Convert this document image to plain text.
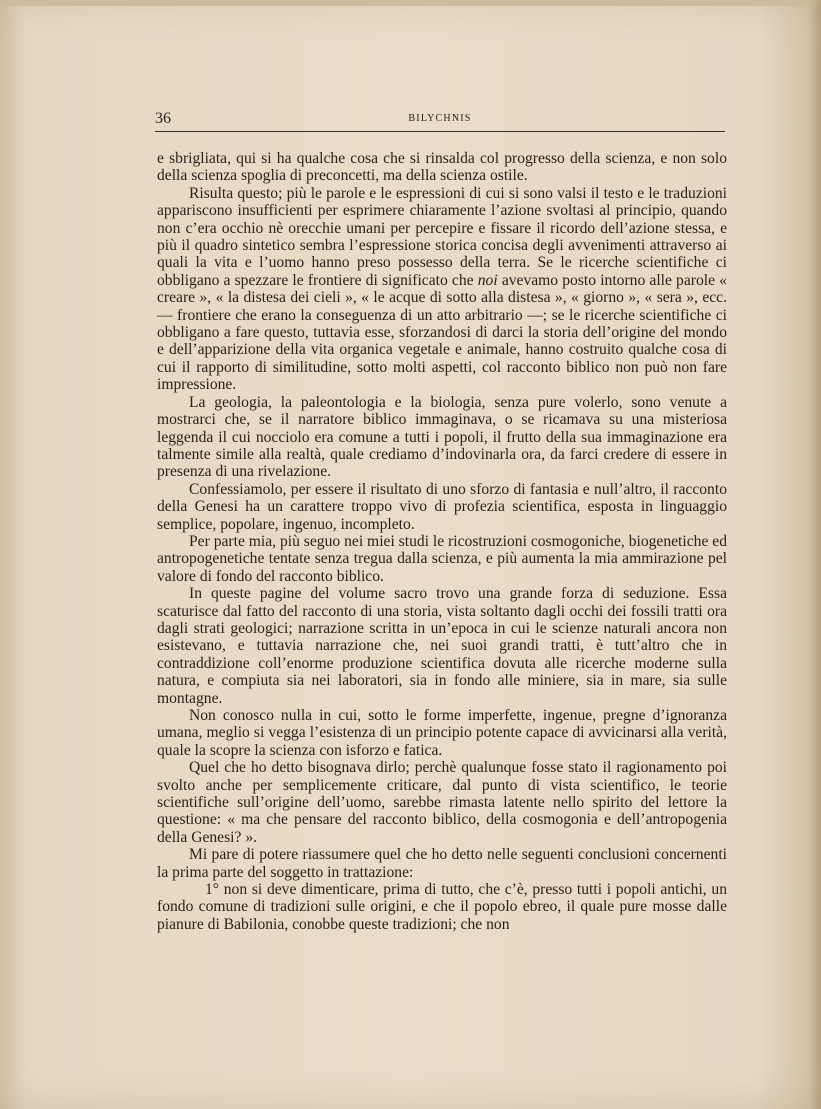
36	BILYCHNIS

e sbrigliata, qui si ha qualche cosa che si rinsalda col progresso della scienza, e non solo della scienza spoglia di preconcetti, ma della scienza ostile.

Risulta questo; più le parole e le espressioni di cui si sono valsi il testo e le traduzioni appariscono insufficienti per esprimere chiaramente l’azione svoltasi al principio, quando non c’era occhio nè orecchie umani per percepire e fissare il ricordo dell’azione stessa, e più il quadro sintetico sembra l’espressione storica concisa degli avvenimenti attraverso ai quali la vita e l’uomo hanno preso possesso della terra. Se le ricerche scientifiche ci obbligano a spezzare le frontiere di significato che noi avevamo posto intorno alle parole « creare », « la distesa dei cieli », « le acque di sotto alla distesa », « giorno », « sera », ecc. — frontiere che erano la conseguenza di un atto arbitrario —; se le ricerche scientifiche ci obbligano a fare questo, tuttavia esse, sforzandosi di darci la storia dell’origine del mondo e dell’apparizione della vita organica vegetale e animale, hanno costruito qualche cosa di cui il rapporto di similitudine, sotto molti aspetti, col racconto biblico non può non fare impressione.

La geologia, la paleontologia e la biologia, senza pure volerlo, sono venute a mostrarci che, se il narratore biblico immaginava, o se ricamava su una misteriosa leggenda il cui nocciolo era comune a tutti i popoli, il frutto della sua immaginazione era talmente simile alla realtà, quale crediamo d’indovinarla ora, da farci credere di essere in presenza di una rivelazione.

Confessiamolo, per essere il risultato di uno sforzo di fantasia e null’altro, il racconto della Genesi ha un carattere troppo vivo di profezia scientifica, esposta in linguaggio semplice, popolare, ingenuo, incompleto.

Per parte mia, più seguo nei miei studi le ricostruzioni cosmogoniche, biogenetiche ed antropogenetiche tentate senza tregua dalla scienza, e più aumenta la mia ammirazione pel valore di fondo del racconto biblico.

In queste pagine del volume sacro trovo una grande forza di seduzione. Essa scaturisce dal fatto del racconto di una storia, vista soltanto dagli occhi dei fossili tratti ora dagli strati geologici; narrazione scritta in un’epoca in cui le scienze naturali ancora non esistevano, e tuttavia narrazione che, nei suoi grandi tratti, è tutt’altro che in contraddizione coll’enorme produzione scientifica dovuta alle ricerche moderne sulla natura, e compiuta sia nei laboratori, sia in fondo alle miniere, sia in mare, sia sulle montagne.

Non conosco nulla in cui, sotto le forme imperfette, ingenue, pregne d’ignoranza umana, meglio si vegga l’esistenza di un principio potente capace di avvicinarsi alla verità, quale la scopre la scienza con isforzo e fatica.

Quel che ho detto bisognava dirlo; perchè qualunque fosse stato il ragionamento poi svolto anche per semplicemente criticare, dal punto di vista scientifico, le teorie scientifiche sull’origine dell’uomo, sarebbe rimasta latente nello spirito del lettore la questione: « ma che pensare del racconto biblico, della cosmogonia e dell’antropogenia della Genesi? ».

Mi pare di potere riassumere quel che ho detto nelle seguenti conclusioni concernenti la prima parte del soggetto in trattazione:

1° non si deve dimenticare, prima di tutto, che c’è, presso tutti i popoli antichi, un fondo comune di tradizioni sulle origini, e che il popolo ebreo, il quale pure mosse dalle pianure di Babilonia, conobbe queste tradizioni; che non
